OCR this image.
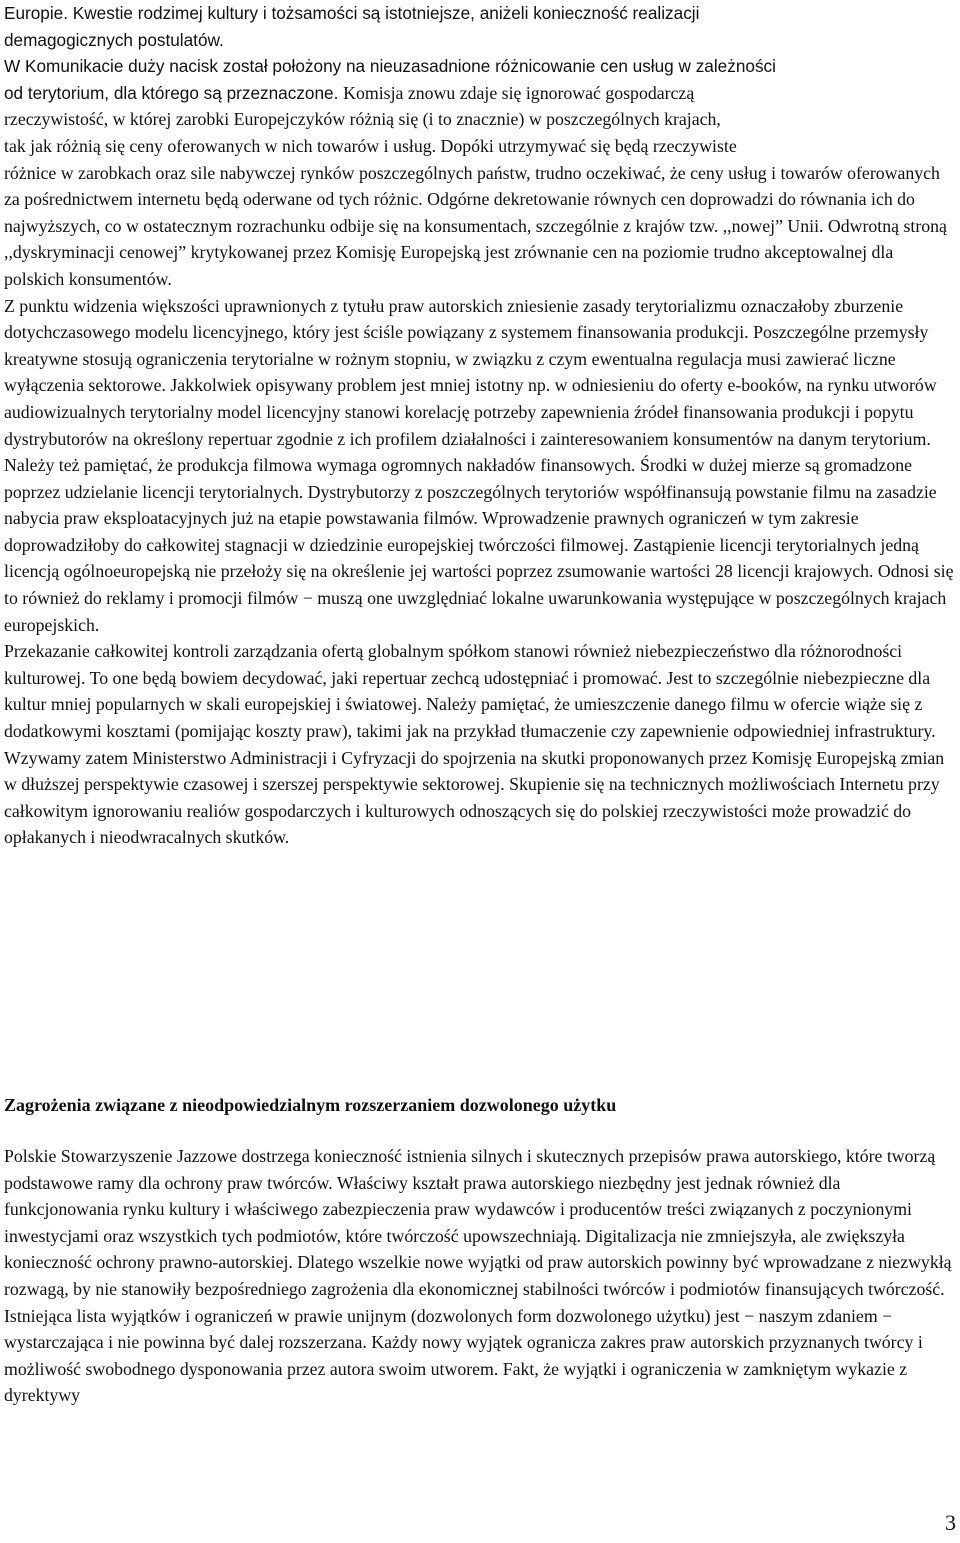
Europie. Kwestie rodzimej kultury i tożsamości są istotniejsze, aniżeli konieczność realizacji

demagogicznych postulatów.

W Komunikacie duży nacisk został położony na nieuzasadnione różnicowanie cen usług w zależności

od terytorium, dla którego są przeznaczone. Komisja znowu zdaje się ignorować gospodarczą

rzeczywistość, w której zarobki Europejczyków różnią się (i to znacznie) w poszczególnych krajach,

tak jak różnią się ceny oferowanych w nich towarów i usług. Dopóki utrzymywać się będą rzeczywiste

różnice w zarobkach oraz sile nabywczej rynków poszczególnych państw, trudno oczekiwać, że ceny usług i towarów oferowanych za pośrednictwem internetu będą oderwane od tych różnic. Odgórne dekretowanie równych cen doprowadzi do równania ich do najwyższych, co w ostatecznym rozrachunku odbije się na konsumentach, szczególnie z krajów tzw. ,,nowej” Unii. Odwrotną stroną ,,dyskryminacji cenowej” krytykowanej przez Komisję Europejską jest zrównanie cen na poziomie trudno akceptowalnej dla polskich konsumentów.

Z punktu widzenia większości uprawnionych z tytułu praw autorskich zniesienie zasady terytorializmu oznaczałoby zburzenie dotychczasowego modelu licencyjnego, który jest ściśle powiązany z systemem finansowania produkcji. Poszczególne przemysły kreatywne stosują ograniczenia terytorialne w rożnym stopniu, w związku z czym ewentualna regulacja musi zawierać liczne wyłączenia sektorowe. Jakkolwiek opisywany problem jest mniej istotny np. w odniesieniu do oferty e-booków, na rynku utworów audiowizualnych terytorialny model licencyjny stanowi korelację potrzeby zapewnienia źródeł finansowania produkcji i popytu dystrybutorów na określony repertuar zgodnie z ich profilem działalności i zainteresowaniem konsumentów na danym terytorium.

Należy też pamiętać, że produkcja filmowa wymaga ogromnych nakładów finansowych. Środki w dużej mierze są gromadzone poprzez udzielanie licencji terytorialnych. Dystrybutorzy z poszczególnych terytoriów współfinansują powstanie filmu na zasadzie nabycia praw eksploatacyjnych już na etapie powstawania filmów. Wprowadzenie prawnych ograniczeń w tym zakresie doprowadziłoby do całkowitej stagnacji w dziedzinie europejskiej twórczości filmowej. Zastąpienie licencji terytorialnych jedną licencją ogólnoeuropejską nie przełoży się na określenie jej wartości poprzez zsumowanie wartości 28 licencji krajowych. Odnosi się to również do reklamy i promocji filmów − muszą one uwzględniać lokalne uwarunkowania występujące w poszczególnych krajach europejskich.

Przekazanie całkowitej kontroli zarządzania ofertą globalnym spółkom stanowi również niebezpieczeństwo dla różnorodności kulturowej. To one będą bowiem decydować, jaki repertuar zechcą udostępniać i promować. Jest to szczególnie niebezpieczne dla kultur mniej popularnych w skali europejskiej i światowej. Należy pamiętać, że umieszczenie danego filmu w ofercie wiąże się z dodatkowymi kosztami (pomijając koszty praw), takimi jak na przykład tłumaczenie czy zapewnienie odpowiedniej infrastruktury.

Wzywamy zatem Ministerstwo Administracji i Cyfryzacji do spojrzenia na skutki proponowanych przez Komisję Europejską zmian w dłuższej perspektywie czasowej i szerszej perspektywie sektorowej. Skupienie się na technicznych możliwościach Internetu przy całkowitym ignorowaniu realiów gospodarczych i kulturowych odnoszących się do polskiej rzeczywistości może prowadzić do opłakanych i nieodwracalnych skutków.

Zagrożenia związane z nieodpowiedzialnym rozszerzaniem dozwolonego użytku

Polskie Stowarzyszenie Jazzowe dostrzega konieczność istnienia silnych i skutecznych przepisów prawa autorskiego, które tworzą podstawowe ramy dla ochrony praw twórców. Właściwy kształt prawa autorskiego niezbędny jest jednak również dla funkcjonowania rynku kultury i właściwego zabezpieczenia praw wydawców i producentów treści związanych z poczynionymi inwestycjami oraz wszystkich tych podmiotów, które twórczość upowszechniają. Digitalizacja nie zmniejszyła, ale zwiększyła konieczność ochrony prawno-autorskiej. Dlatego wszelkie nowe wyjątki od praw autorskich powinny być wprowadzane z niezwykłą rozwagą, by nie stanowiły bezpośredniego zagrożenia dla ekonomicznej stabilności twórców i podmiotów finansujących twórczość.

Istniejąca lista wyjątków i ograniczeń w prawie unijnym (dozwolonych form dozwolonego użytku) jest − naszym zdaniem − wystarczająca i nie powinna być dalej rozszerzana. Każdy nowy wyjątek ogranicza zakres praw autorskich przyznanych twórcy i możliwość swobodnego dysponowania przez autora swoim utworem. Fakt, że wyjątki i ograniczenia w zamkniętym wykazie z dyrektywy

3
